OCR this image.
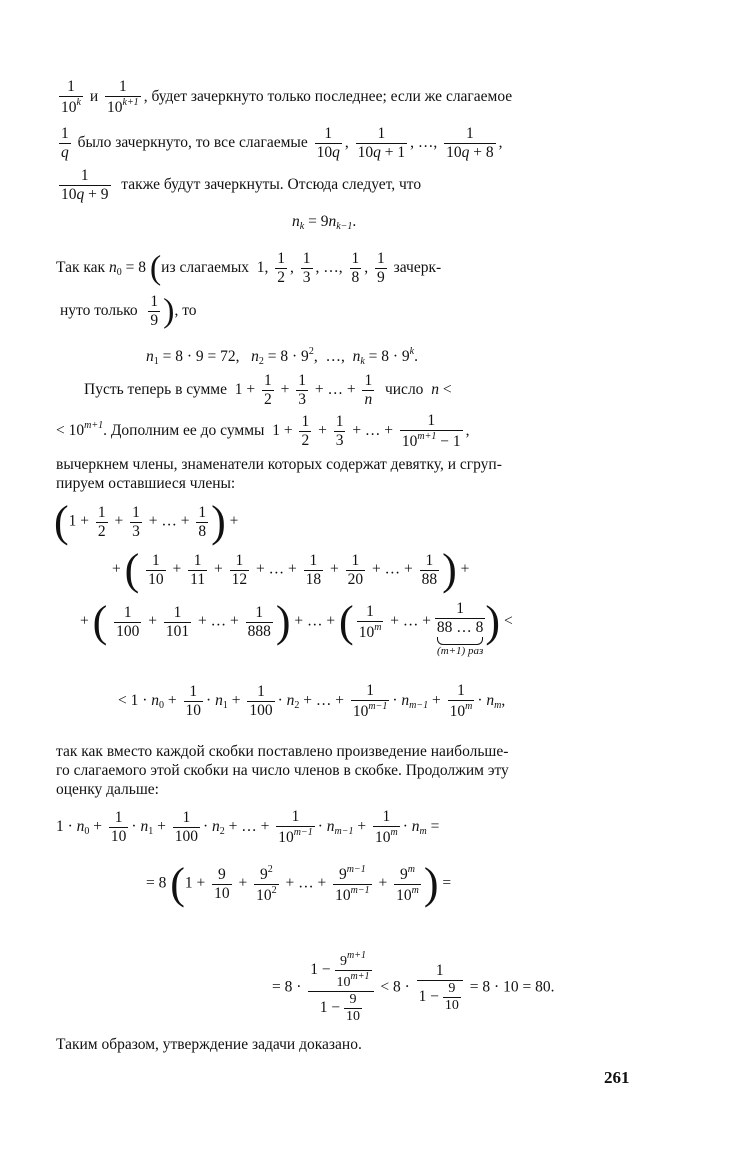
$\frac{1}{10^k}$ и $\frac{1}{10^{k+1}}$ , будет зачеркнуто только последнее; если же слагаемое
$\frac{1}{q}$ было зачеркнуто, то все слагаемые $\frac{1}{10q}$ , $\frac{1}{10q + 1}$ , …, $\frac{1}{10q + 8}$ ,
$\frac{1}{10q + 9}$ также будут зачеркнуты. Отсюда следует, что
$n_k = 9n_{k-1}$.
Так как $n_0 = 8$ (из слагаемых  1, $\frac{1}{2}$ , $\frac{1}{3}$ , …, $\frac{1}{8}$ , $\frac{1}{9}$ зачерк-
нуто только $\frac{1}{9}$ ), то
$n_1 = 8 \cdot 9 = 72$,   $n_2 = 8 \cdot 9^2$,  …,  $n_k = 8 \cdot 9^k$.
Пусть теперь в сумме  $1 + \frac{1}{2} + \frac{1}{3}$ + … + $\frac{1}{n}$ число n <
< $10^{m+1}$. Дополним ее до суммы  $1 + \frac{1}{2} + \frac{1}{3}$ + … + $\frac{1}{10^{m+1} - 1}$ ,
вычеркнем члены, знаменатели которых содержат девятку, и сгруп-
пируем оставшиеся члены:
($1 + \frac{1}{2} + \frac{1}{3}$ + … + $\frac{1}{8}$ ) +
+ ( $\frac{1}{10} + \frac{1}{11} + \frac{1}{12}$ + … + $\frac{1}{18} + \frac{1}{20}$ + … + $\frac{1}{88}$ ) +
+ ( $\frac{1}{100} + \frac{1}{101}$ + … + $\frac{1}{888}$ ) + … + ( $\frac{1}{10^m}$ + … + $\frac{1}{88 \dots 8}$
(m+1) раз
) <
< $1 \cdot n_0 + \frac{1}{10} \cdot n_1 + \frac{1}{100} \cdot n_2$ + … + $\frac{1}{10^{m-1}} \cdot n_{m-1} + \frac{1}{10^m} \cdot n_m$,
так как вместо каждой скобки поставлено произведение наибольше-
го слагаемого этой скобки на число членов в скобке. Продолжим эту
оценку дальше:
$1 \cdot n_0 + \frac{1}{10} \cdot n_1 + \frac{1}{100} \cdot n_2$ + … + $\frac{1}{10^{m-1}} \cdot n_{m-1} + \frac{1}{10^m} \cdot n_m$ =
= 8 ($1 + \frac{9}{10} + \frac{9^2}{10^2}$ + … + $\frac{9^{m-1}}{10^{m-1}} + \frac{9^m}{10^m}$ ) =
= $8 \cdot \frac{1 - \frac{9^{m+1}}{10^{m+1}}}{1 - \frac{9}{10}} < 8 \cdot \frac{1}{1 - \frac{9}{10}} = 8 \cdot 10 = 80$.
Таким образом, утверждение задачи доказано.
261
